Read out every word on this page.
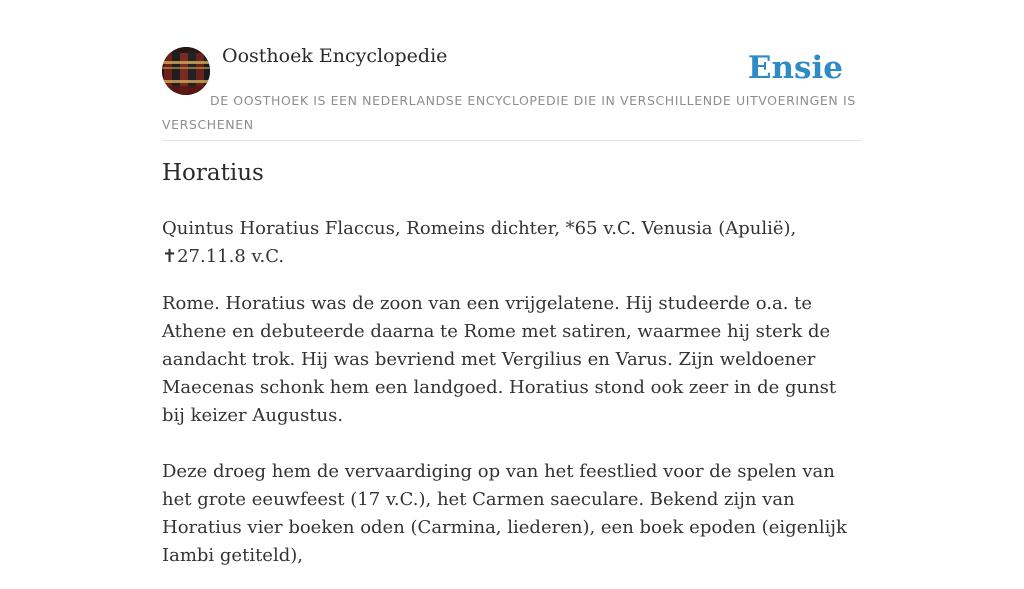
Oosthoek Encyclopedie	Ensie
DE OOSTHOEK IS EEN NEDERLANDSE ENCYCLOPEDIE DIE IN VERSCHILLENDE UITVOERINGEN IS VERSCHENEN
Horatius

Quintus Horatius Flaccus, Romeins dichter, *65 v.C. Venusia (Apulië), ✝27.11.8 v.C.

Rome. Horatius was de zoon van een vrijgelatene. Hij studeerde o.a. te Athene en debuteerde daarna te Rome met satiren, waarmee hij sterk de aandacht trok. Hij was bevriend met Vergilius en Varus. Zijn weldoener Maecenas schonk hem een landgoed. Horatius stond ook zeer in de gunst bij keizer Augustus.

Deze droeg hem de vervaardiging op van het feestlied voor de spelen van het grote eeuwfeest (17 v.C.), het Carmen saeculare. Bekend zijn van Horatius vier boeken oden (Carmina, liederen), een boek epoden (eigenlijk Iambi getiteld),
